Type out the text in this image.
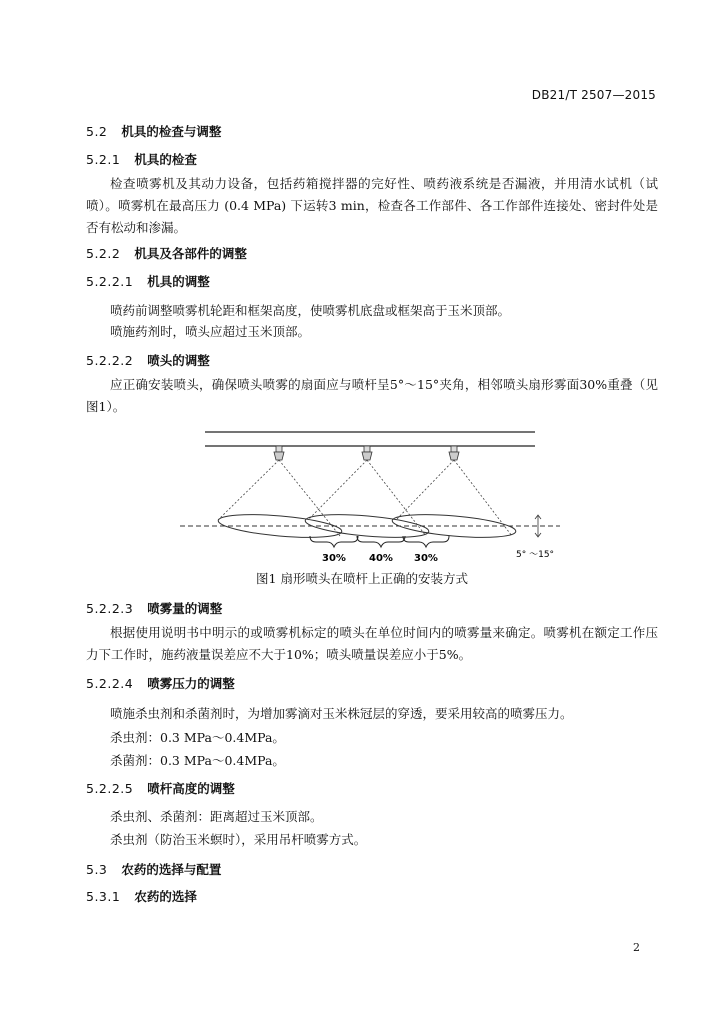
DB21/T 2507—2015
5.2 机具的检查与调整
5.2.1 机具的检查
检查喷雾机及其动力设备，包括药箱搅拌器的完好性、喷药液系统是否漏液，并用清水试机（试喷）。喷雾机在最高压力 (0.4 MPa) 下运转3 min，检查各工作部件、各工作部件连接处、密封件处是否有松动和渗漏。
5.2.2 机具及各部件的调整
5.2.2.1 机具的调整
喷药前调整喷雾机轮距和框架高度，使喷雾机底盘或框架高于玉米顶部。
喷施药剂时，喷头应超过玉米顶部。
5.2.2.2 喷头的调整
应正确安装喷头，确保喷头喷雾的扇面应与喷杆呈5°～15°夹角，相邻喷头扇形雾面30%重叠（见图1）。
30% 40% 30%	5° ～15°
图1 扇形喷头在喷杆上正确的安装方式
5.2.2.3 喷雾量的调整
根据使用说明书中明示的或喷雾机标定的喷头在单位时间内的喷雾量来确定。喷雾机在额定工作压力下工作时，施药液量误差应不大于10%；喷头喷量误差应小于5%。
5.2.2.4 喷雾压力的调整
喷施杀虫剂和杀菌剂时，为增加雾滴对玉米株冠层的穿透，要采用较高的喷雾压力。
杀虫剂：0.3 MPa～0.4MPa。
杀菌剂：0.3 MPa～0.4MPa。
5.2.2.5 喷杆高度的调整
杀虫剂、杀菌剂：距离超过玉米顶部。
杀虫剂（防治玉米螟时），采用吊杆喷雾方式。
5.3 农药的选择与配置
5.3.1 农药的选择
2
